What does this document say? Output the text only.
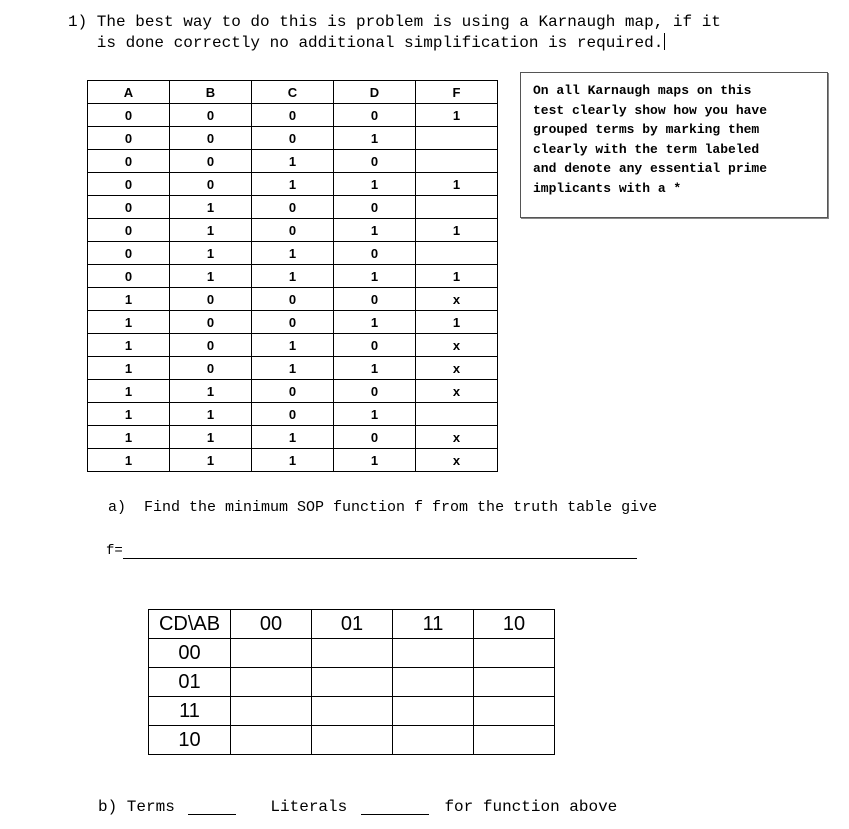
1) The best way to do this is problem is using a Karnaugh map, if it
is done correctly no additional simplification is required.
A	B	C	D	F
0	0	0	0	1
0	0	0	1	
0	0	1	0	
0	0	1	1	1
0	1	0	0	
0	1	0	1	1
0	1	1	0	
0	1	1	1	1
1	0	0	0	x
1	0	0	1	1
1	0	1	0	x
1	0	1	1	x
1	1	0	0	x
1	1	0	1	
1	1	1	0	x
1	1	1	1	x
On all Karnaugh maps on this
test clearly show how you have
grouped terms by marking them
clearly with the term labeled
and denote any essential prime
implicants with a *
a)  Find the minimum SOP function f from the truth table give
f=
CD\AB	00	01	11	10
00				
01				
11				
10				
b) Terms	Literals	for function above
